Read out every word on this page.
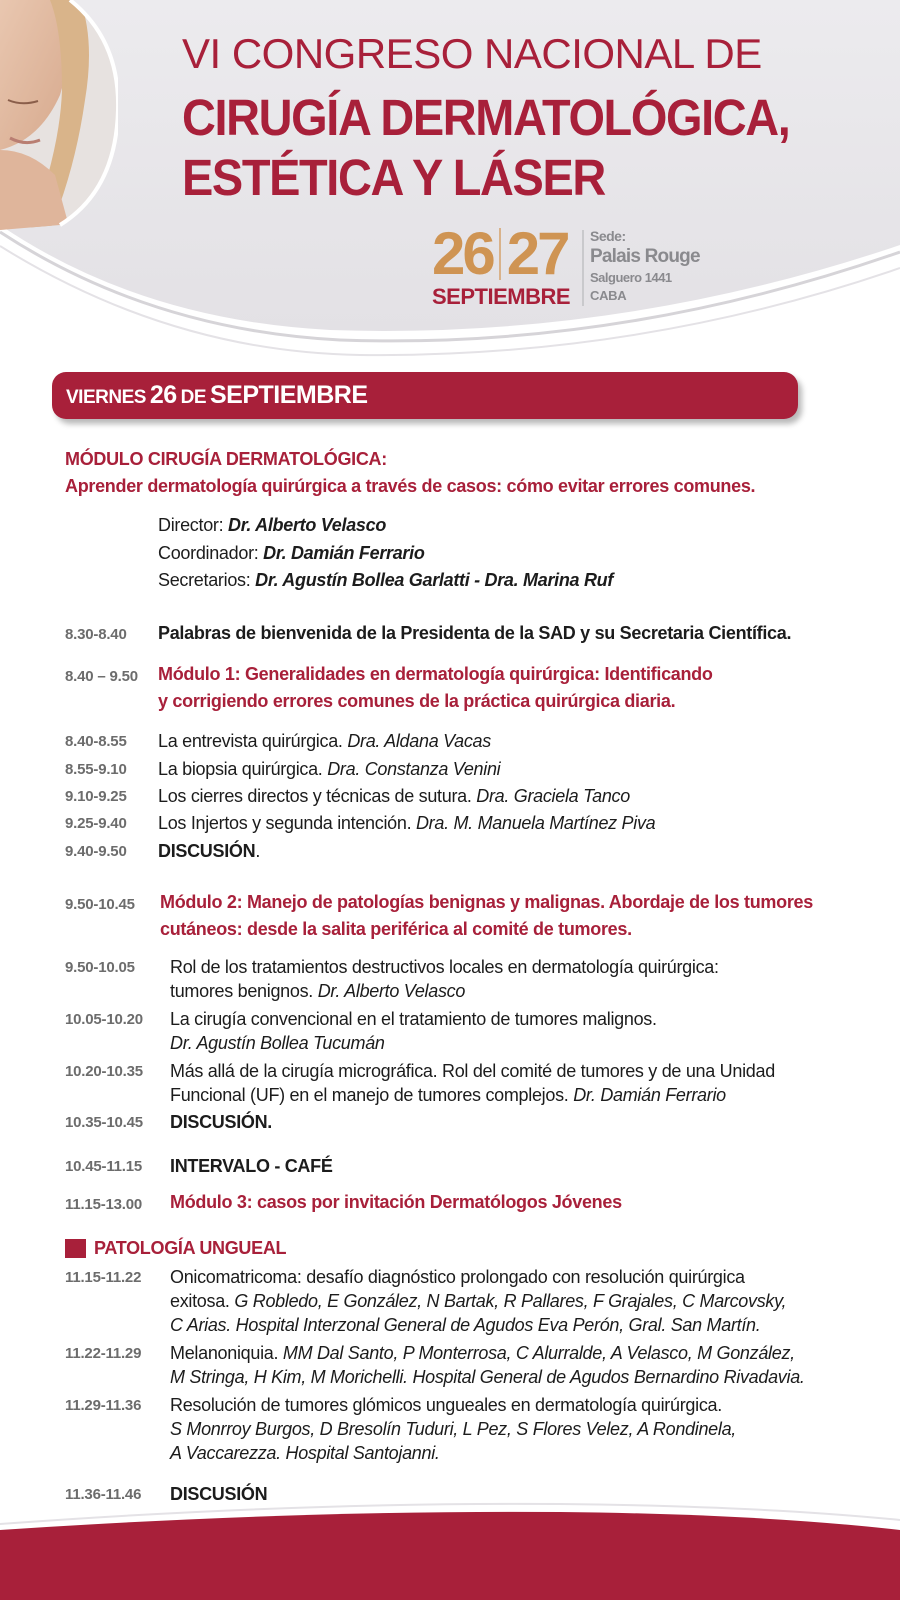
VI CONGRESO NACIONAL DE
CIRUGÍA DERMATOLÓGICA,
ESTÉTICA Y LÁSER
26 27
SEPTIEMBRE
Sede:
Palais Rouge
Salguero 1441
CABA
VIERNES 26 DE SEPTIEMBRE
MÓDULO CIRUGÍA DERMATOLÓGICA:
Aprender dermatología quirúrgica a través de casos: cómo evitar errores comunes.
Director: Dr. Alberto Velasco
Coordinador: Dr. Damián Ferrario
Secretarios: Dr. Agustín Bollea Garlatti - Dra. Marina Ruf
8.30-8.40 Palabras de bienvenida de la Presidenta de la SAD y su Secretaria Científica.
8.40 – 9.50 Módulo 1: Generalidades en dermatología quirúrgica: Identificando
y corrigiendo errores comunes de la práctica quirúrgica diaria.
8.40-8.55 La entrevista quirúrgica. Dra. Aldana Vacas
8.55-9.10 La biopsia quirúrgica. Dra. Constanza Venini
9.10-9.25 Los cierres directos y técnicas de sutura. Dra. Graciela Tanco
9.25-9.40 Los Injertos y segunda intención. Dra. M. Manuela Martínez Piva
9.40-9.50 DISCUSIÓN.
9.50-10.45 Módulo 2: Manejo de patologías benignas y malignas. Abordaje de los tumores
cutáneos: desde la salita periférica al comité de tumores.
9.50-10.05 Rol de los tratamientos destructivos locales en dermatología quirúrgica:
tumores benignos. Dr. Alberto Velasco
10.05-10.20 La cirugía convencional en el tratamiento de tumores malignos.
Dr. Agustín Bollea Tucumán
10.20-10.35 Más allá de la cirugía micrográfica. Rol del comité de tumores y de una Unidad
Funcional (UF) en el manejo de tumores complejos. Dr. Damián Ferrario
10.35-10.45 DISCUSIÓN.
10.45-11.15 INTERVALO - CAFÉ
11.15-13.00 Módulo 3: casos por invitación Dermatólogos Jóvenes
PATOLOGÍA UNGUEAL
11.15-11.22 Onicomatricoma: desafío diagnóstico prolongado con resolución quirúrgica
exitosa. G Robledo, E González, N Bartak, R Pallares, F Grajales, C Marcovsky,
C Arias. Hospital Interzonal General de Agudos Eva Perón, Gral. San Martín.
11.22-11.29 Melanoniquia. MM Dal Santo, P Monterrosa, C Alurralde, A Velasco, M González,
M Stringa, H Kim, M Morichelli. Hospital General de Agudos Bernardino Rivadavia.
11.29-11.36 Resolución de tumores glómicos ungueales en dermatología quirúrgica.
S Monrroy Burgos, D Bresolín Tuduri, L Pez, S Flores Velez, A Rondinela,
A Vaccarezza. Hospital Santojanni.
11.36-11.46 DISCUSIÓN
